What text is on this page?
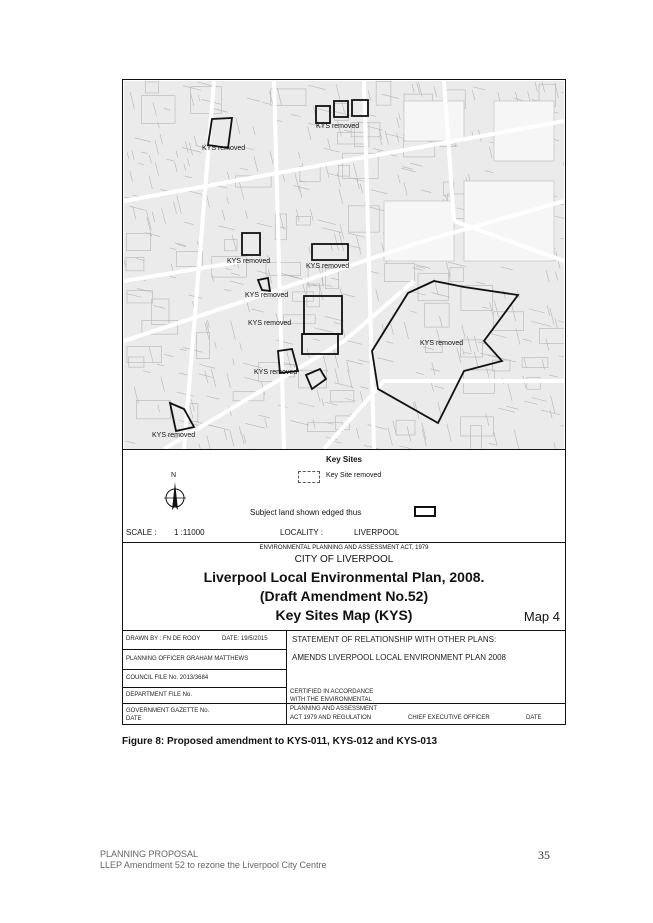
KYS removed
KYS removed
KYS removed
KYS removed
KYS removed
KYS removed
KYS removed
KYS removed
KYS removed
Key Sites
Key Site removed
N
Subject land shown edged thus
SCALE : 1 :11000	LOCALITY :	LIVERPOOL
ENVIRONMENTAL PLANNING AND ASSESSMENT ACT, 1979
CITY OF LIVERPOOL
Liverpool Local Environmental Plan, 2008.
(Draft Amendment No.52)
Key Sites Map (KYS)	Map 4
DRAWN BY : FN DE ROOY	DATE: 19/5/2015
PLANNING OFFICER GRAHAM MATTHEWS
COUNCIL FILE No. 2013/3684
DEPARTMENT FILE No.
GOVERNMENT GAZETTE No.
DATE
STATEMENT OF RELATIONSHIP WITH OTHER PLANS:
AMENDS LIVERPOOL LOCAL ENVIRONMENT PLAN 2008
CERTIFIED IN ACCORDANCE
WITH THE ENVIRONMENTAL
PLANNING AND ASSESSMENT
ACT 1979 AND REGULATION	CHIEF EXECUTIVE OFFICER	DATE
Figure 8: Proposed amendment to KYS-011, KYS-012 and KYS-013
PLANNING PROPOSAL
LLEP Amendment 52 to rezone the Liverpool City Centre
35
